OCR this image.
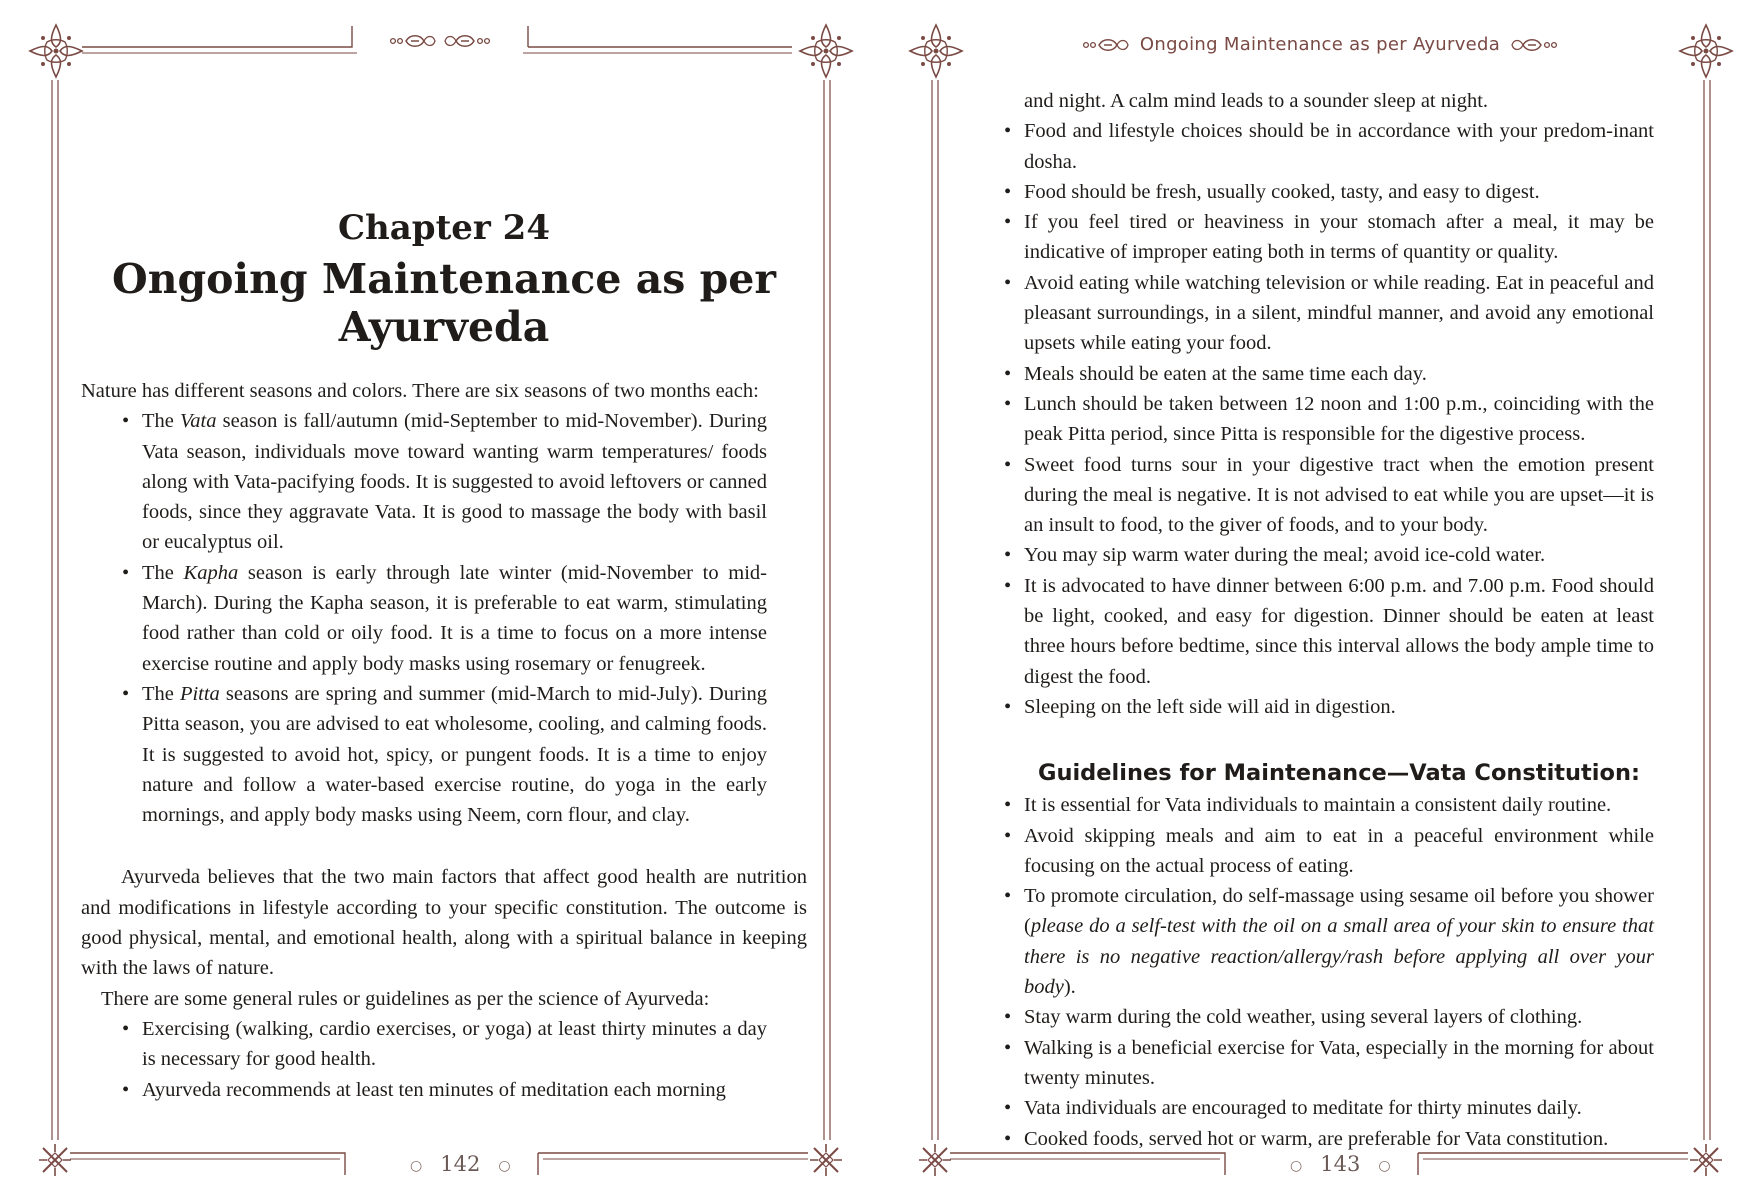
Chapter 24
Ongoing Maintenance as per Ayurveda

Nature has different seasons and colors. There are six seasons of two months each:

• The Vata season is fall/autumn (mid-September to mid-November). During Vata season, individuals move toward wanting warm temperatures/ foods along with Vata-pacifying foods. It is suggested to avoid leftovers or canned foods, since they aggravate Vata. It is good to massage the body with basil or eucalyptus oil.
• The Kapha season is early through late winter (mid-November to mid-March). During the Kapha season, it is preferable to eat warm, stimulating food rather than cold or oily food. It is a time to focus on a more intense exercise routine and apply body masks using rosemary or fenugreek.
• The Pitta seasons are spring and summer (mid-March to mid-July). During Pitta season, you are advised to eat wholesome, cooling, and calming foods. It is suggested to avoid hot, spicy, or pungent foods. It is a time to enjoy nature and follow a water-based exercise routine, do yoga in the early mornings, and apply body masks using Neem, corn flour, and clay.

Ayurveda believes that the two main factors that affect good health are nutrition and modifications in lifestyle according to your specific constitution. The outcome is good physical, mental, and emotional health, along with a spiritual balance in keeping with the laws of nature.

There are some general rules or guidelines as per the science of Ayurveda:

• Exercising (walking, cardio exercises, or yoga) at least thirty minutes a day is necessary for good health.
• Ayurveda recommends at least ten minutes of meditation each morning
○ 142 ○
Ongoing Maintenance as per Ayurveda

and night. A calm mind leads to a sounder sleep at night.

• Food and lifestyle choices should be in accordance with your predom-inant dosha.
• Food should be fresh, usually cooked, tasty, and easy to digest.
• If you feel tired or heaviness in your stomach after a meal, it may be indicative of improper eating both in terms of quantity or quality.
• Avoid eating while watching television or while reading. Eat in peaceful and pleasant surroundings, in a silent, mindful manner, and avoid any emotional upsets while eating your food.
• Meals should be eaten at the same time each day.
• Lunch should be taken between 12 noon and 1:00 p.m., coinciding with the peak Pitta period, since Pitta is responsible for the digestive process.
• Sweet food turns sour in your digestive tract when the emotion present during the meal is negative. It is not advised to eat while you are upset—it is an insult to food, to the giver of foods, and to your body.
• You may sip warm water during the meal; avoid ice-cold water.
• It is advocated to have dinner between 6:00 p.m. and 7.00 p.m. Food should be light, cooked, and easy for digestion. Dinner should be eaten at least three hours before bedtime, since this interval allows the body ample time to digest the food.
• Sleeping on the left side will aid in digestion.
Guidelines for Maintenance—Vata Constitution:
• It is essential for Vata individuals to maintain a consistent daily routine.
• Avoid skipping meals and aim to eat in a peaceful environment while focusing on the actual process of eating.
• To promote circulation, do self-massage using sesame oil before you shower (please do a self-test with the oil on a small area of your skin to ensure that there is no negative reaction/allergy/rash before applying all over your body).
• Stay warm during the cold weather, using several layers of clothing.
• Walking is a beneficial exercise for Vata, especially in the morning for about twenty minutes.
• Vata individuals are encouraged to meditate for thirty minutes daily.
• Cooked foods, served hot or warm, are preferable for Vata constitution.
○ 143 ○
